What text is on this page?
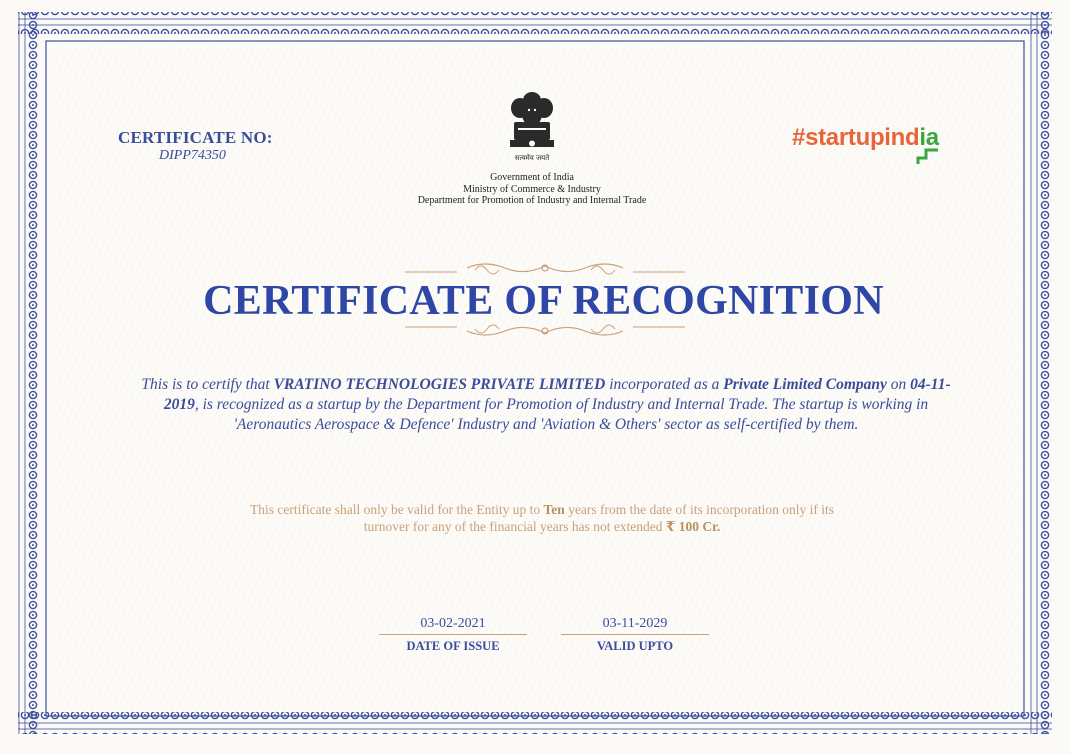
CERTIFICATE NO:
DIPP74350	सत्यमेव जयते
Government of India
Ministry of Commerce & Industry
Department for Promotion of Industry and Internal Trade
#startupindia
CERTIFICATE OF RECOGNITION
This is to certify that VRATINO TECHNOLOGIES PRIVATE LIMITED incorporated as a Private Limited Company on 04-11-2019, is recognized as a startup by the Department for Promotion of Industry and Internal Trade. The startup is working in 'Aeronautics Aerospace & Defence' Industry and 'Aviation & Others' sector as self-certified by them.
This certificate shall only be valid for the Entity up to Ten years from the date of its incorporation only if its turnover for any of the financial years has not extended ₹ 100 Cr.
03-02-2021
DATE OF ISSUE
03-11-2029
VALID UPTO
